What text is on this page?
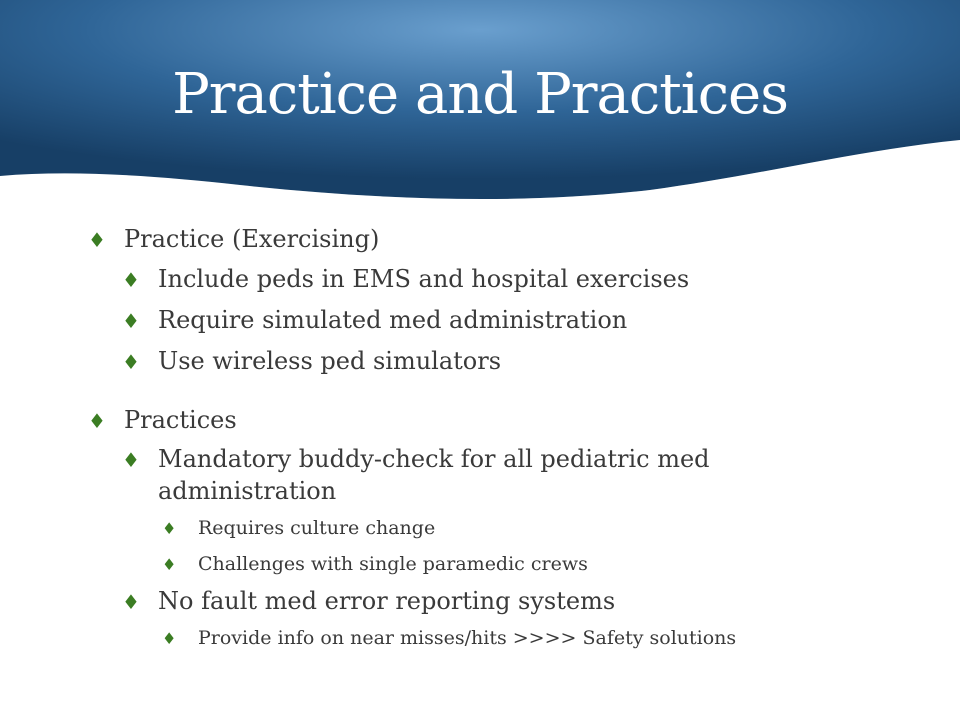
Practice and Practices
♦ Practice (Exercising)
♦ Include peds in EMS and hospital exercises
♦ Require simulated med administration
♦ Use wireless ped simulators
♦ Practices
♦ Mandatory buddy-check for all pediatric med administration
♦ Requires culture change
♦ Challenges with single paramedic crews
♦ No fault med error reporting systems
♦ Provide info on near misses/hits >>>> Safety solutions
